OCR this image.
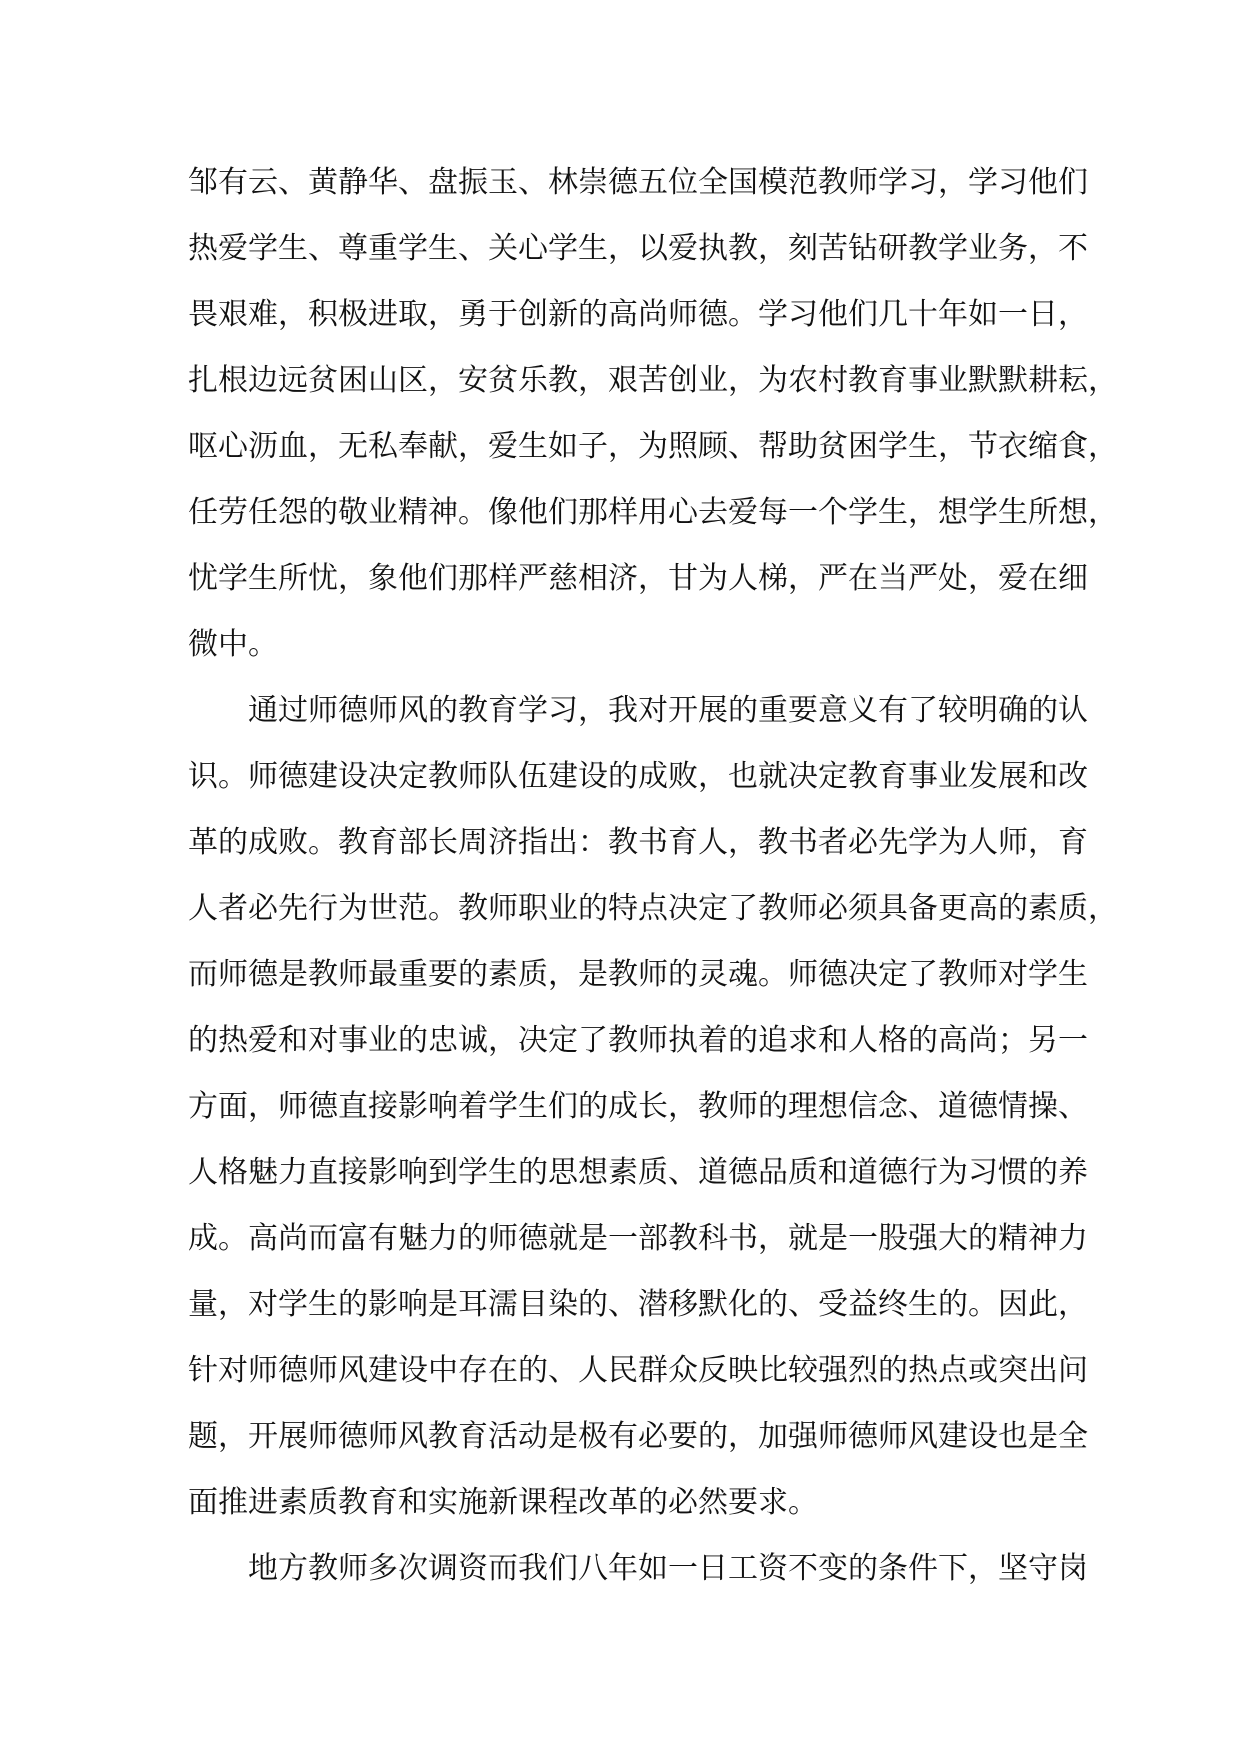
邹有云、黄静华、盘振玉、林崇德五位全国模范教师学习，学习他们
热爱学生、尊重学生、关心学生，以爱执教，刻苦钻研教学业务，不
畏艰难，积极进取，勇于创新的高尚师德。学习他们几十年如一日，
扎根边远贫困山区，安贫乐教，艰苦创业，为农村教育事业默默耕耘，
呕心沥血，无私奉献，爱生如子，为照顾、帮助贫困学生，节衣缩食，
任劳任怨的敬业精神。像他们那样用心去爱每一个学生，想学生所想，
忧学生所忧，象他们那样严慈相济，甘为人梯，严在当严处，爱在细
微中。
通过师德师风的教育学习，我对开展的重要意义有了较明确的认
识。师德建设决定教师队伍建设的成败，也就决定教育事业发展和改
革的成败。教育部长周济指出：教书育人，教书者必先学为人师，育
人者必先行为世范。教师职业的特点决定了教师必须具备更高的素质，
而师德是教师最重要的素质，是教师的灵魂。师德决定了教师对学生
的热爱和对事业的忠诚，决定了教师执着的追求和人格的高尚；另一
方面，师德直接影响着学生们的成长，教师的理想信念、道德情操、
人格魅力直接影响到学生的思想素质、道德品质和道德行为习惯的养
成。高尚而富有魅力的师德就是一部教科书，就是一股强大的精神力
量，对学生的影响是耳濡目染的、潜移默化的、受益终生的。因此，
针对师德师风建设中存在的、人民群众反映比较强烈的热点或突出问
题，开展师德师风教育活动是极有必要的，加强师德师风建设也是全
面推进素质教育和实施新课程改革的必然要求。
地方教师多次调资而我们八年如一日工资不变的条件下，坚守岗
